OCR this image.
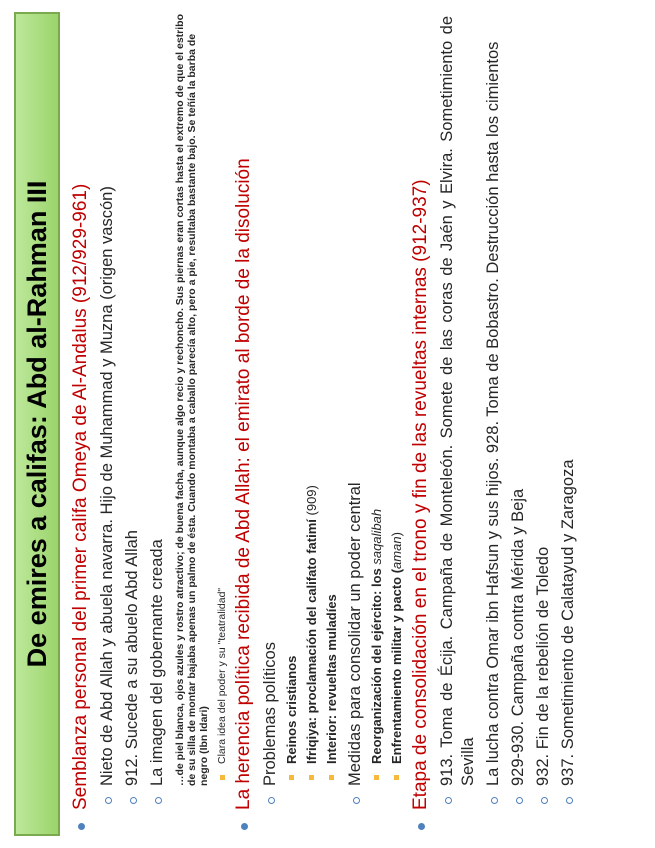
De emires a califas: Abd al-Rahman III Semblanza personal del primer califa Omeya de Al-Andalus (912/929-961) Nieto de Abd Allah y abuela navarra. Hijo de Muhammad y Muzna (origen vascón) 912. Sucede a su abuelo Abd Allah La imagen del gobernante creada …de piel blanca, ojos azules y rostro atractivo; de buena facha, aunque algo recio y rechoncho. Sus piernas eran cortas hasta el extremo de que el estribo de su silla de montar bajaba apenas un palmo de ésta. Cuando montaba a caballo parecía alto, pero a pie, resultaba bastante bajo. Se teñía la barba de negro (Ibn Idari) Clara idea del poder y su "teatralidad" La herencia política recibida de Abd Allah: el emirato al borde de la disolución Problemas políticos Reinos cristianos Ifriqiya: proclamación del califato fatimí (909)
Interior: revueltas muladíes Medidas para consolidar un poder central Reorganización del ejército: los saqalibah
Enfrentamiento militar y pacto (aman) Etapa de consolidación en el trono y fin de las revueltas internas (912-937) 913. Toma de Écija. Campaña de Monteleón. Somete de las coras de Jaén y Elvira. Sometimiento de Sevilla La lucha contra Omar ibn Hafsun y sus hijos. 928. Toma de Bobastro. Destrucción hasta los cimientos 929-930. Campaña contra Mérida y Beja 932. Fin de la rebelión de Toledo 937. Sometimiento de Calatayud y Zaragoza
